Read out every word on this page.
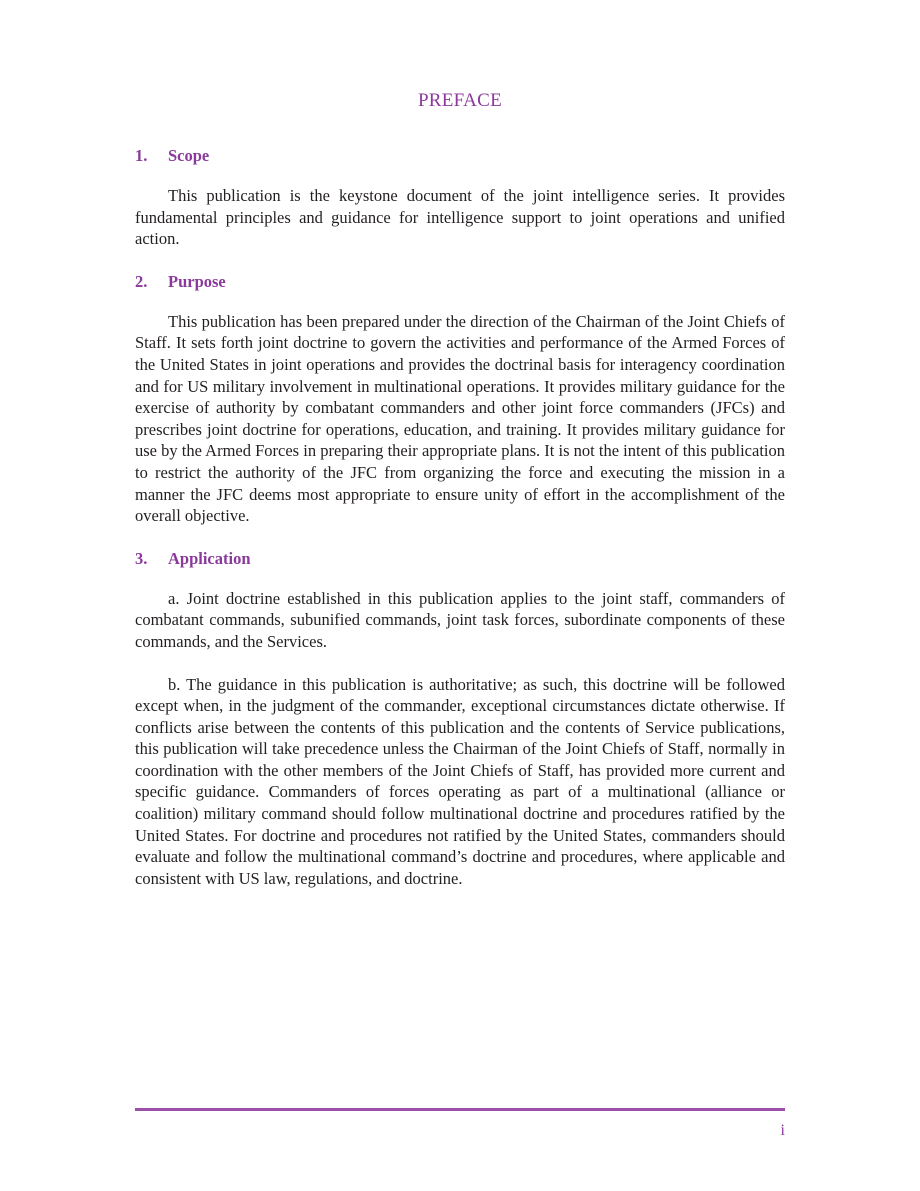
PREFACE
1. Scope

This publication is the keystone document of the joint intelligence series. It provides fundamental principles and guidance for intelligence support to joint operations and unified action.

2. Purpose

This publication has been prepared under the direction of the Chairman of the Joint Chiefs of Staff. It sets forth joint doctrine to govern the activities and performance of the Armed Forces of the United States in joint operations and provides the doctrinal basis for interagency coordination and for US military involvement in multinational operations. It provides military guidance for the exercise of authority by combatant commanders and other joint force commanders (JFCs) and prescribes joint doctrine for operations, education, and training. It provides military guidance for use by the Armed Forces in preparing their appropriate plans. It is not the intent of this publication to restrict the authority of the JFC from organizing the force and executing the mission in a manner the JFC deems most appropriate to ensure unity of effort in the accomplishment of the overall objective.

3. Application

a. Joint doctrine established in this publication applies to the joint staff, commanders of combatant commands, subunified commands, joint task forces, subordinate components of these commands, and the Services.

b. The guidance in this publication is authoritative; as such, this doctrine will be followed except when, in the judgment of the commander, exceptional circumstances dictate otherwise. If conflicts arise between the contents of this publication and the contents of Service publications, this publication will take precedence unless the Chairman of the Joint Chiefs of Staff, normally in coordination with the other members of the Joint Chiefs of Staff, has provided more current and specific guidance. Commanders of forces operating as part of a multinational (alliance or coalition) military command should follow multinational doctrine and procedures ratified by the United States. For doctrine and procedures not ratified by the United States, commanders should evaluate and follow the multinational command’s doctrine and procedures, where applicable and consistent with US law, regulations, and doctrine.

i
